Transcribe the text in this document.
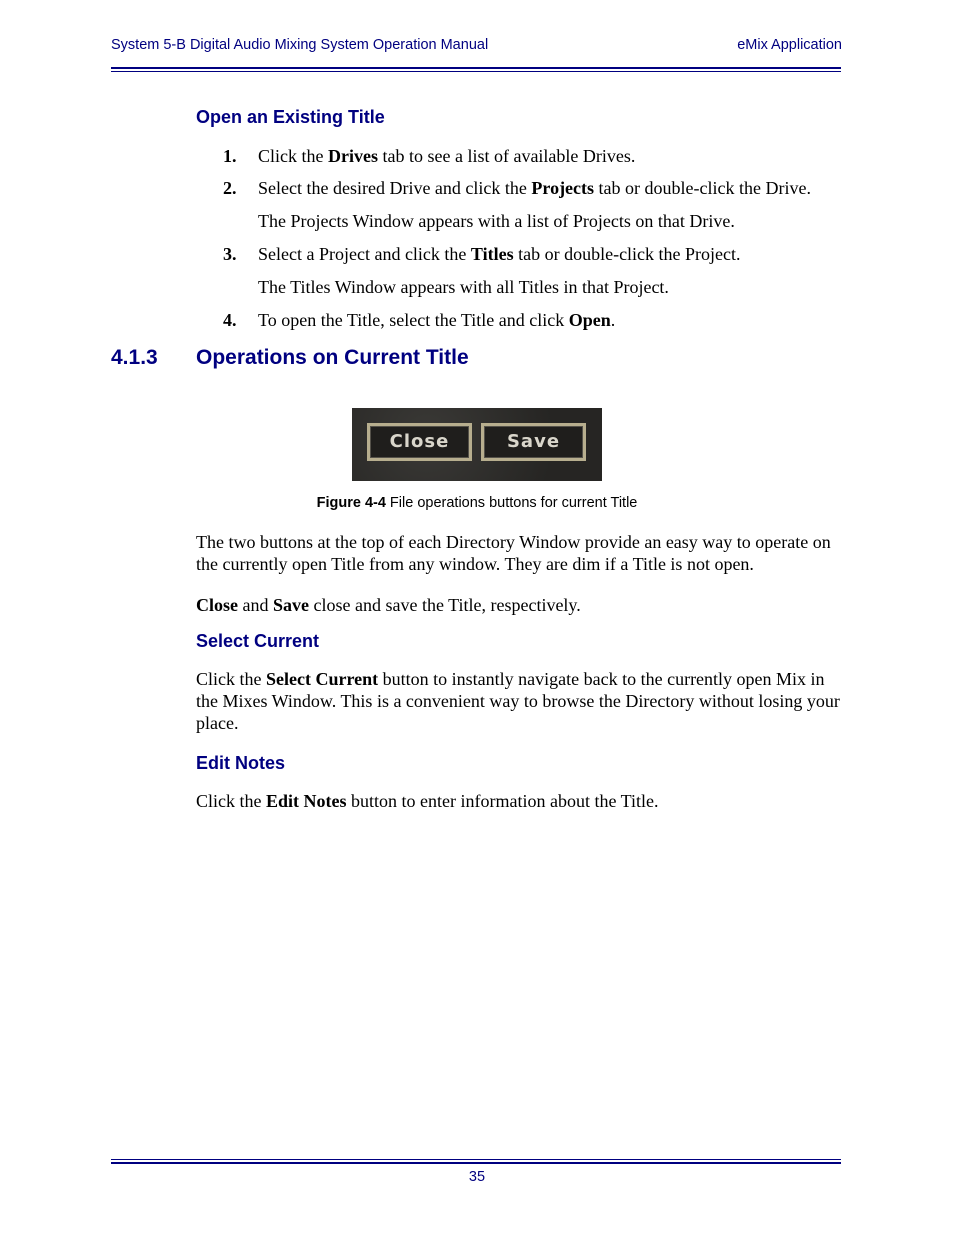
System 5-B Digital Audio Mixing System Operation Manual	eMix Application
Open an Existing Title
1. Click the Drives tab to see a list of available Drives.
2. Select the desired Drive and click the Projects tab or double-click the Drive.
The Projects Window appears with a list of Projects on that Drive.
3. Select a Project and click the Titles tab or double-click the Project.
The Titles Window appears with all Titles in that Project.
4. To open the Title, select the Title and click Open.
4.1.3 Operations on Current Title
Close	Save
Figure 4-4 File operations buttons for current Title

The two buttons at the top of each Directory Window provide an easy way to operate on the currently open Title from any window. They are dim if a Title is not open.

Close and Save close and save the Title, respectively.

Select Current

Click the Select Current button to instantly navigate back to the currently open Mix in the Mixes Window. This is a convenient way to browse the Directory without losing your place.

Edit Notes

Click the Edit Notes button to enter information about the Title.

35
